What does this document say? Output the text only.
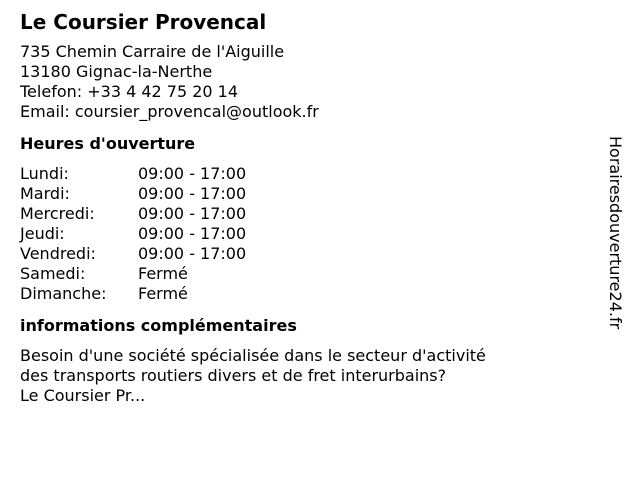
Le Coursier Provencal
735 Chemin Carraire de l'Aiguille
13180 Gignac-la-Nerthe
Telefon: +33 4 42 75 20 14
Email: coursier_provencal@outlook.fr
Heures d'ouverture
Lundi:	09:00 - 17:00
Mardi:	09:00 - 17:00
Mercredi:	09:00 - 17:00
Jeudi:	09:00 - 17:00
Vendredi:	09:00 - 17:00
Samedi:	Fermé
Dimanche:	Fermé
informations complémentaires
Besoin d'une société spécialisée dans le secteur d'activité
des transports routiers divers et de fret interurbains?
Le Coursier Pr...
Horairesdouverture24.fr
